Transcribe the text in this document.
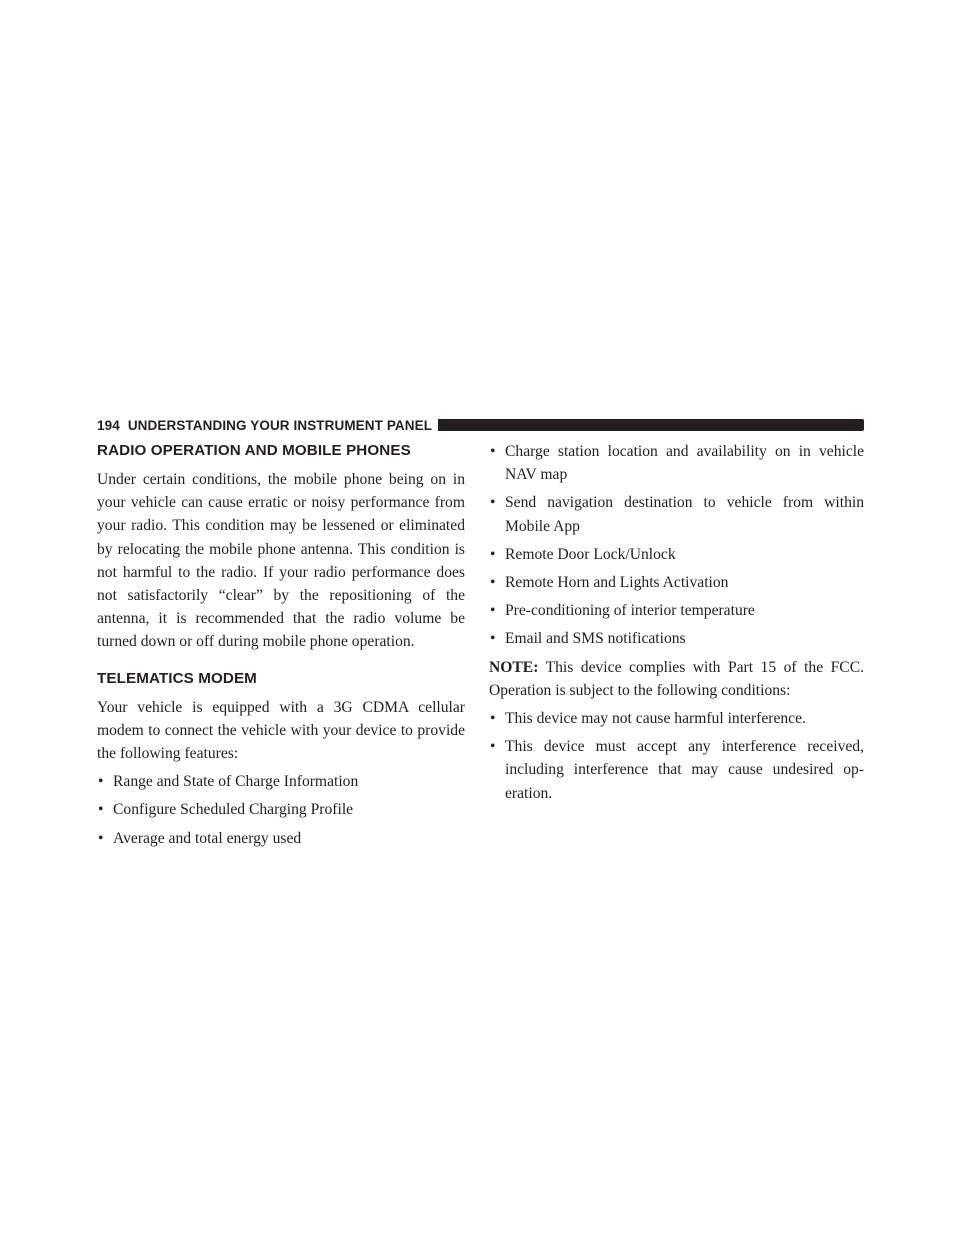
194 UNDERSTANDING YOUR INSTRUMENT PANEL
RADIO OPERATION AND MOBILE PHONES

Under certain conditions, the mobile phone being on in your vehicle can cause erratic or noisy performance from your radio. This condition may be lessened or eliminated by relocating the mobile phone antenna. This condition is not harmful to the radio. If your radio performance does not satisfactorily “clear” by the repositioning of the antenna, it is recommended that the radio volume be turned down or off during mobile phone operation.

TELEMATICS MODEM

Your vehicle is equipped with a 3G CDMA cellular modem to connect the vehicle with your device to provide the following features:

• Range and State of Charge Information
• Configure Scheduled Charging Profile
• Average and total energy used
• Charge station location and availability on in vehicle NAV map
• Send navigation destination to vehicle from within Mobile App
• Remote Door Lock/Unlock
• Remote Horn and Lights Activation
• Pre-conditioning of interior temperature
• Email and SMS notifications

NOTE: This device complies with Part 15 of the FCC. Operation is subject to the following conditions:

• This device may not cause harmful interference.
• This device must accept any interference received, including interference that may cause undesired op-eration.
